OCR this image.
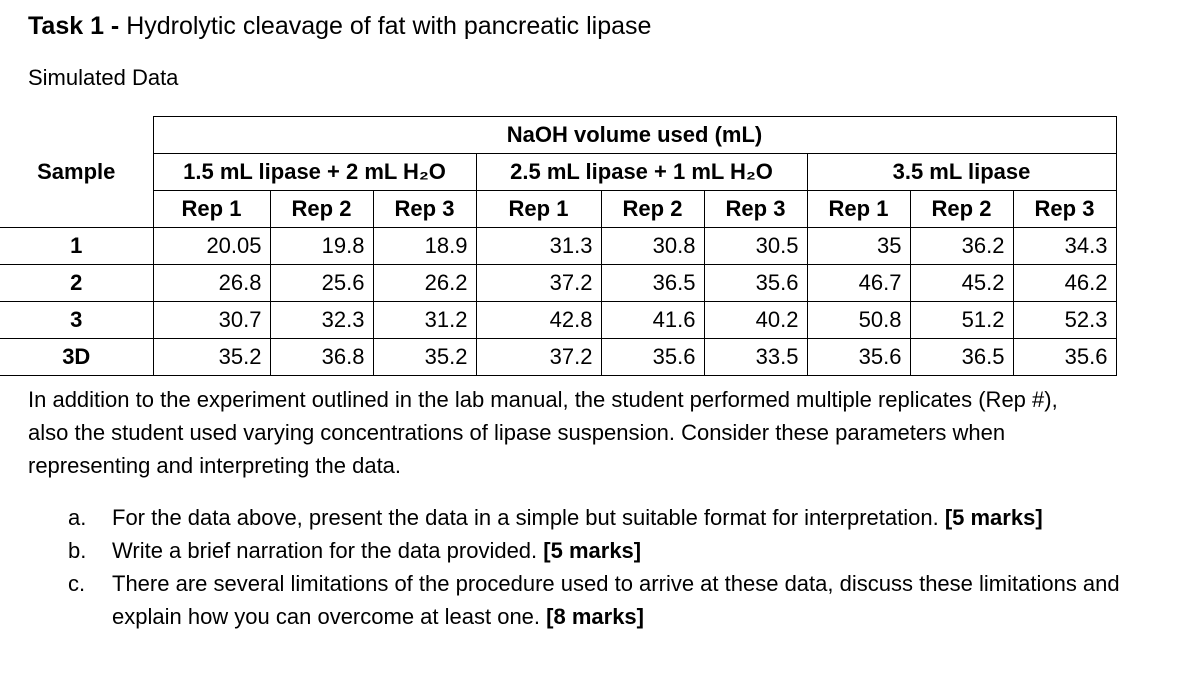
Task 1 - Hydrolytic cleavage of fat with pancreatic lipase
Simulated Data
Sample	NaOH volume used (mL)								
	1.5 mL lipase + 2 mL H₂O			2.5 mL lipase + 1 mL H₂O			3.5 mL lipase		
	Rep 1	Rep 2	Rep 3	Rep 1	Rep 2	Rep 3	Rep 1	Rep 2	Rep 3
1	20.05	19.8	18.9	31.3	30.8	30.5	35	36.2	34.3
2	26.8	25.6	26.2	37.2	36.5	35.6	46.7	45.2	46.2
3	30.7	32.3	31.2	42.8	41.6	40.2	50.8	51.2	52.3
3D	35.2	36.8	35.2	37.2	35.6	33.5	35.6	36.5	35.6
In addition to the experiment outlined in the lab manual, the student performed multiple replicates (Rep #), also the student used varying concentrations of lipase suspension. Consider these parameters when representing and interpreting the data.
a. For the data above, present the data in a simple but suitable format for interpretation. [5 marks]
b. Write a brief narration for the data provided. [5 marks]
c. There are several limitations of the procedure used to arrive at these data, discuss these limitations and explain how you can overcome at least one. [8 marks]
